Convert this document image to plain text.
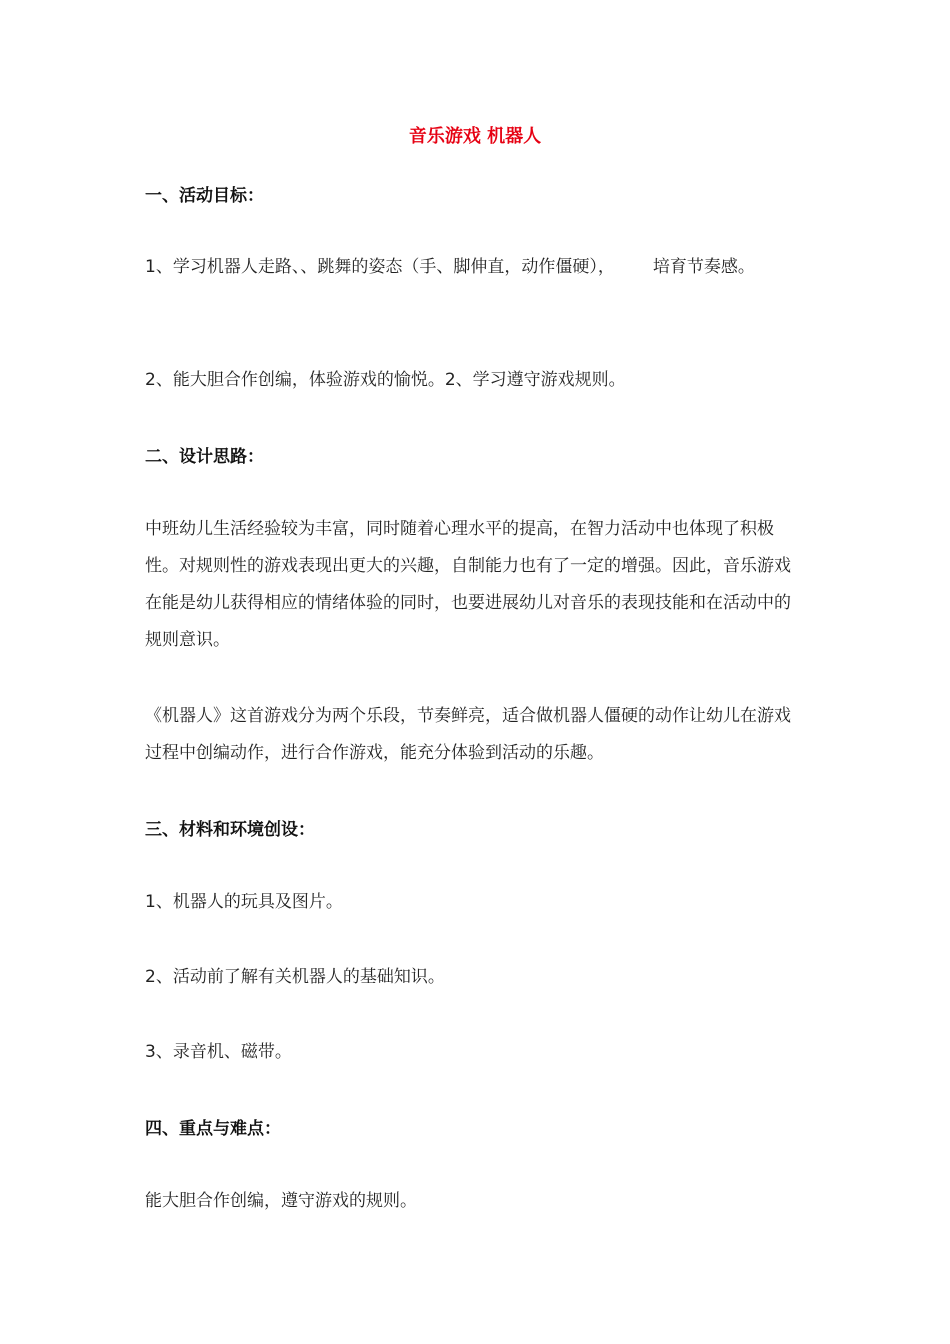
音乐游戏 机器人
一、活动目标：
1、学习机器人走路、、跳舞的姿态（手、脚伸直，动作僵硬）， 培育节奏感。
2、能大胆合作创编，体验游戏的愉悦。2、学习遵守游戏规则。
二、设计思路：
中班幼儿生活经验较为丰富，同时随着心理水平的提高，在智力活动中也体现了积极性。对规则性的游戏表现出更大的兴趣，自制能力也有了一定的增强。因此，音乐游戏在能是幼儿获得相应的情绪体验的同时，也要进展幼儿对音乐的表现技能和在活动中的规则意识。
《机器人》这首游戏分为两个乐段，节奏鲜亮，适合做机器人僵硬的动作让幼儿在游戏过程中创编动作，进行合作游戏，能充分体验到活动的乐趣。
三、材料和环境创设：
1、机器人的玩具及图片。
2、活动前了解有关机器人的基础知识。
3、录音机、磁带。
四、重点与难点：
能大胆合作创编，遵守游戏的规则。
